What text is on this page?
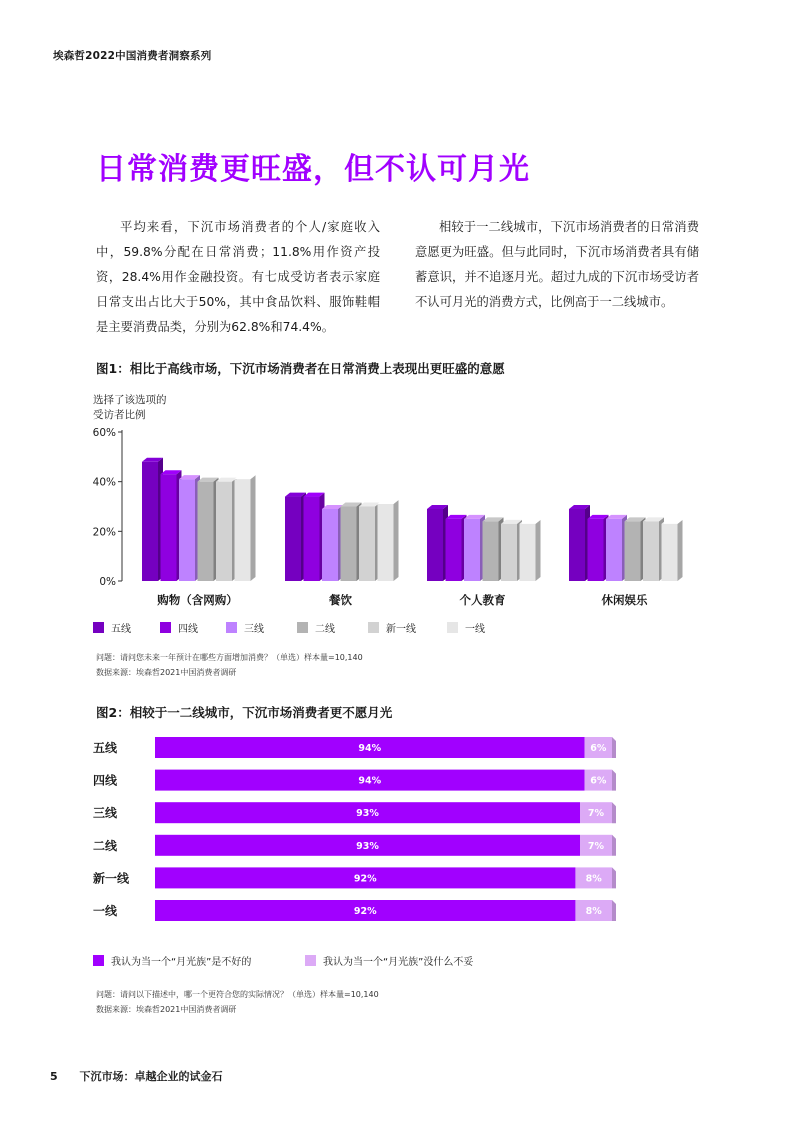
埃森哲2022中国消费者洞察系列
日常消费更旺盛，但不认可月光
平均来看，下沉市场消费者的个人/家庭收入中，59.8%分配在日常消费；11.8%用作资产投资，28.4%用作金融投资。有七成受访者表示家庭日常支出占比大于50%，其中食品饮料、服饰鞋帽是主要消费品类，分别为62.8%和74.4%。
相较于一二线城市，下沉市场消费者的日常消费意愿更为旺盛。但与此同时，下沉市场消费者具有储蓄意识，并不追逐月光。超过九成的下沉市场受访者不认可月光的消费方式，比例高于一二线城市。
图1：相比于高线市场，下沉市场消费者在日常消费上表现出更旺盛的意愿
选择了该选项的
受访者比例
0%
20%
40%
60%
购物（含网购）	餐饮	个人教育	休闲娱乐
五线	四线	三线	二线	新一线	一线
问题：请问您未来一年预计在哪些方面增加消费？（单选）样本量=10,140
数据来源：埃森哲2021中国消费者调研
图2：相较于一二线城市，下沉市场消费者更不愿月光
五线	94%	6%
四线	94%	6%
三线	93%	7%
二线	93%	7%
新一线	92%	8%
一线	92%	8%
我认为当一个“月光族”是不好的	我认为当一个“月光族”没什么不妥
问题：请问以下描述中，哪一个更符合您的实际情况？（单选）样本量=10,140
数据来源：埃森哲2021中国消费者调研
5 下沉市场：卓越企业的试金石
